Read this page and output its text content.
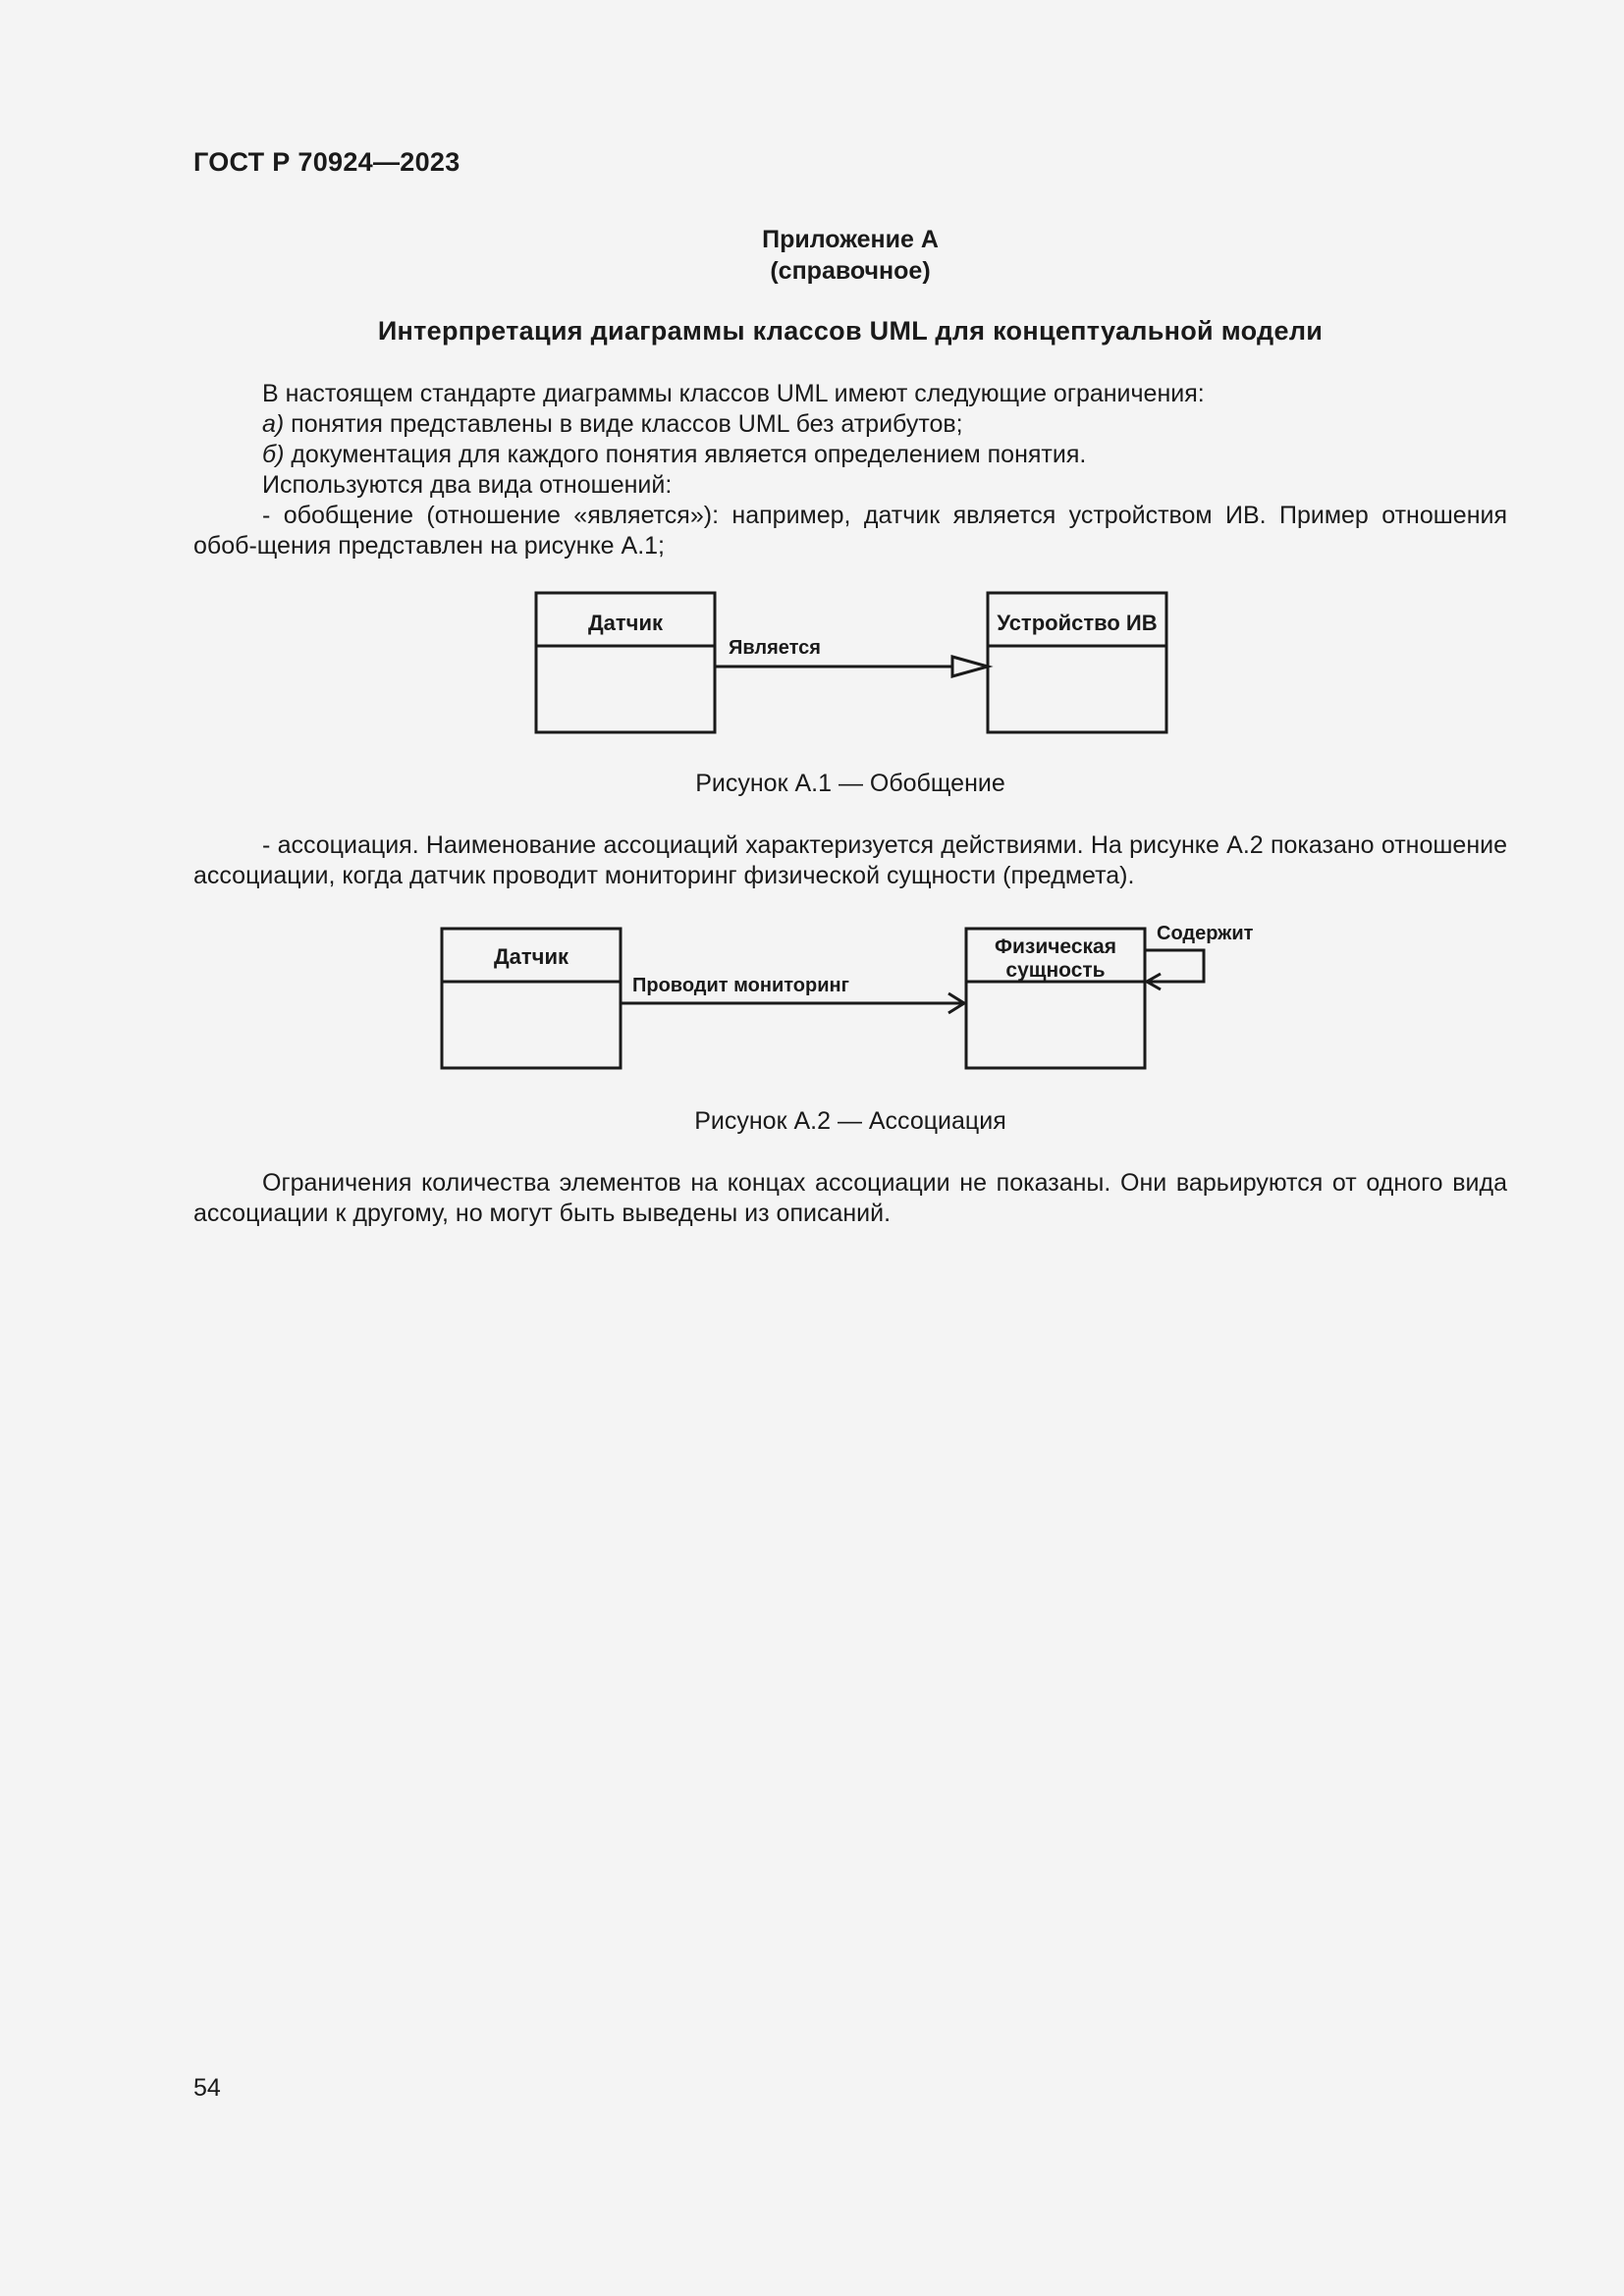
ГОСТ Р 70924—2023
Приложение А
(справочное)
Интерпретация диаграммы классов UML для концептуальной модели
В настоящем стандарте диаграммы классов UML имеют следующие ограничения:
а) понятия представлены в виде классов UML без атрибутов;
б) документация для каждого понятия является определением понятия.
Используются два вида отношений:
- обобщение (отношение «является»): например, датчик является устройством ИВ. Пример отношения обоб-щения представлен на рисунке А.1;
Датчик	Устройство ИВ
Является
Рисунок А.1 — Обобщение
- ассоциация. Наименование ассоциаций характеризуется действиями. На рисунке А.2 показано отношение ассоциации, когда датчик проводит мониторинг физической сущности (предмета).
Датчик	Физическая
сущность
Проводит мониторинг
Содержит
Рисунок А.2 — Ассоциация
Ограничения количества элементов на концах ассоциации не показаны. Они варьируются от одного вида ассоциации к другому, но могут быть выведены из описаний.
54
